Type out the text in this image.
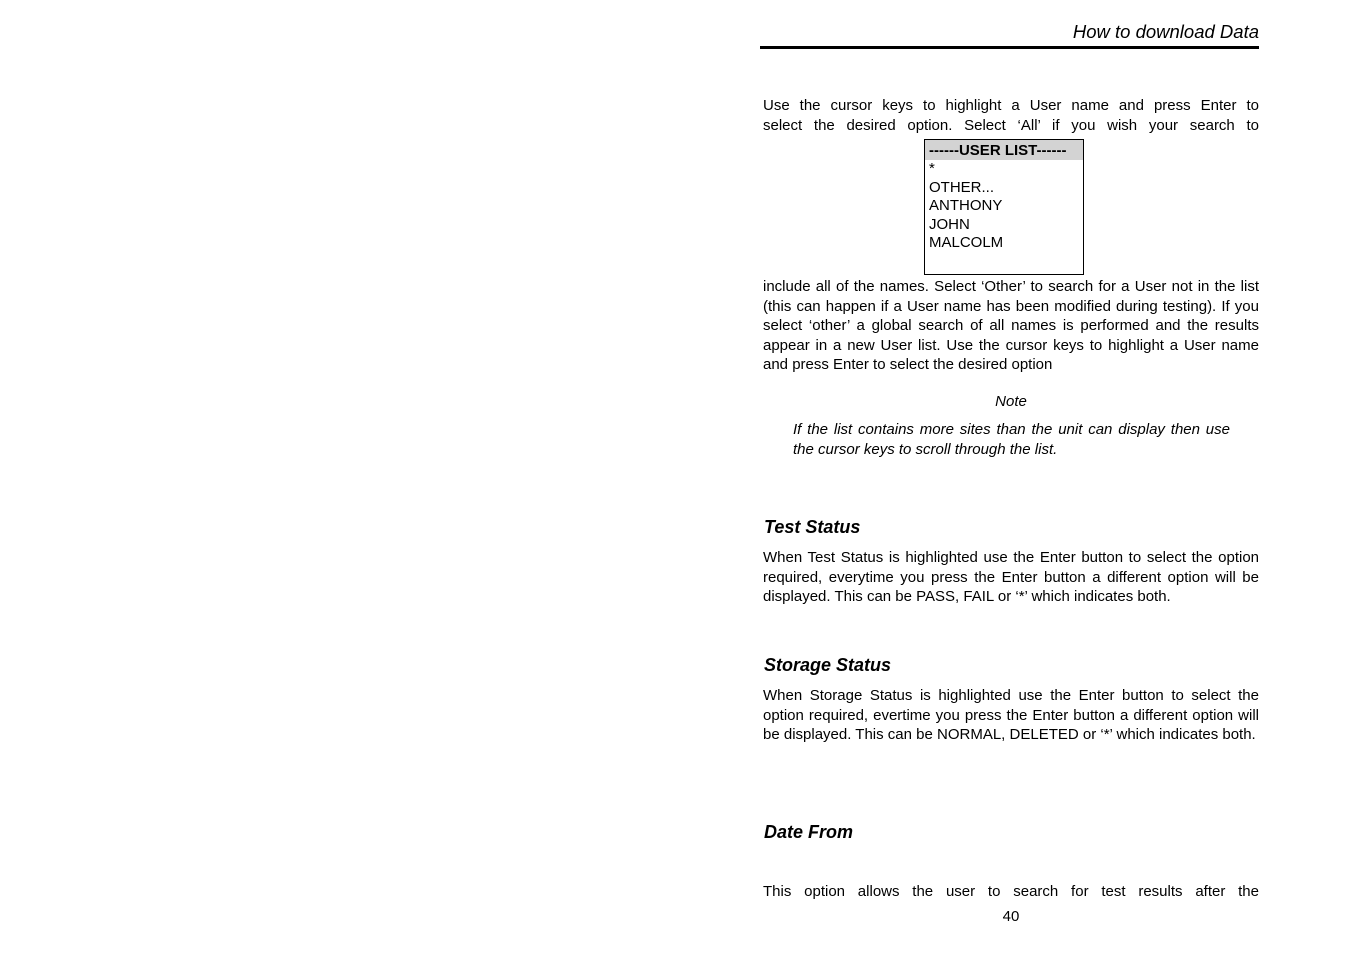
How to download Data

Use the cursor keys to highlight a User name and press Enter to
select the desired option. Select ‘All’ if you wish your search to

------USER LIST------
*
OTHER...
ANTHONY
JOHN
MALCOLM

include all of the names. Select ‘Other’ to search for a User not in the list (this can happen if a User name has been modified during testing). If you select ‘other’ a global search of all names is performed and the results appear in a new User list. Use the cursor keys to highlight a User name and press Enter to select the desired option

Note

If the list contains more sites than the unit can display then use the cursor keys to scroll through the list.

Test Status

When Test Status is highlighted use the Enter button to select the option required, everytime you press the Enter button a different option will be displayed. This can be PASS, FAIL or ‘*’ which indicates both.

Storage Status

When Storage Status is highlighted use the Enter button to select the option required, evertime you press the Enter button a different option will be displayed. This can be NORMAL, DELETED or ‘*’ which indicates both.

Date From

This option allows the user to search for test results after the

40
